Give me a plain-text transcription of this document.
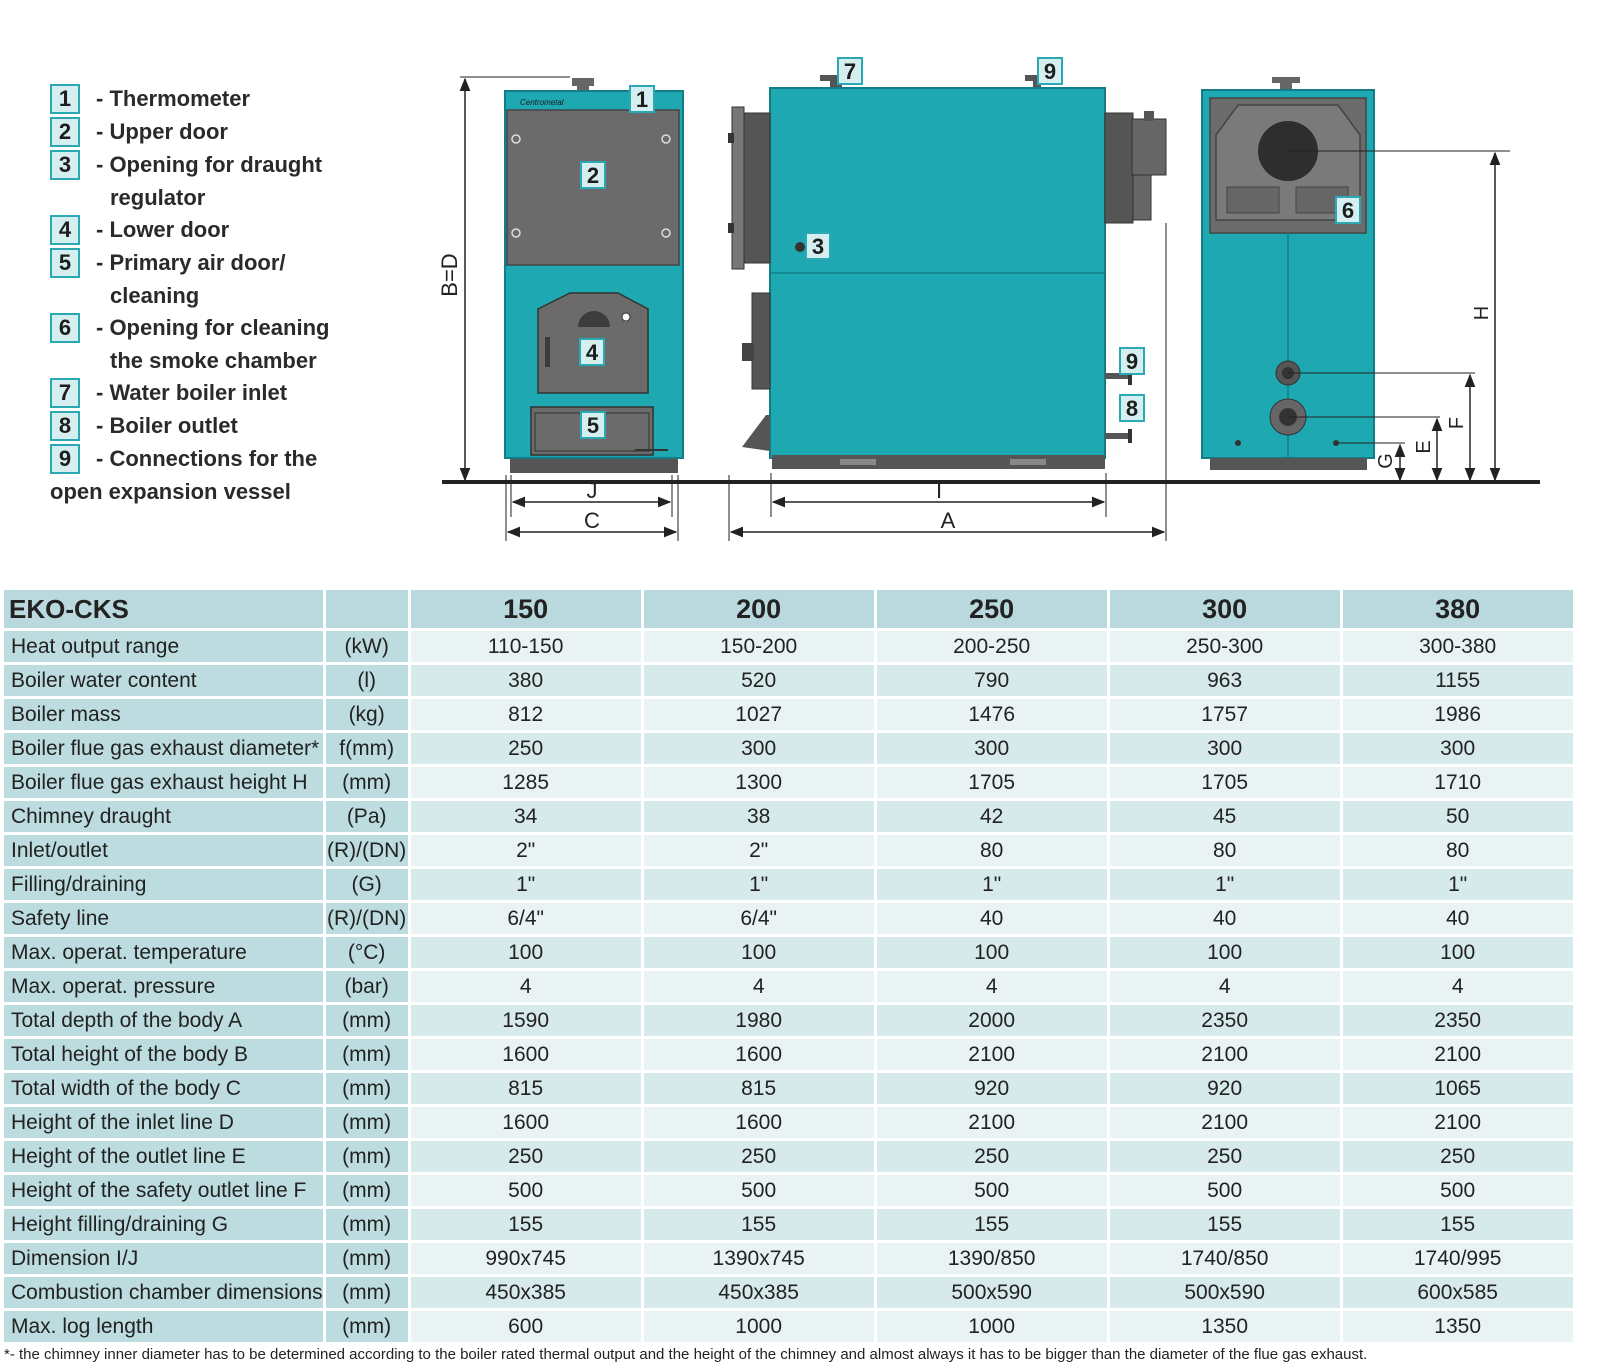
1	- Thermometer
2	- Upper door
3	- Opening for draught
regulator
4	- Lower door
5	- Primary air door/
cleaning
6	- Opening for cleaning
the smoke chamber
7	- Water boiler inlet
8	- Boiler outlet
9	- Connections for the
open expansion vessel
Centrometal
B=D
J
C
I
A
H
F
E
G
1
2
4
5
7	9
3
9
8
6
EKO-CKS		150	200	250	300	380
Heat output range	(kW)	110-150	150-200	200-250	250-300	300-380
Boiler water content	(l)	380	520	790	963	1155
Boiler mass	(kg)	812	1027	1476	1757	1986
Boiler flue gas exhaust diameter*	f(mm)	250	300	300	300	300
Boiler flue gas exhaust height H	(mm)	1285	1300	1705	1705	1710
Chimney draught	(Pa)	34	38	42	45	50
Inlet/outlet	(R)/(DN)	2"	2"	80	80	80
Filling/draining	(G)	1"	1"	1"	1"	1"
Safety line	(R)/(DN)	6/4"	6/4"	40	40	40
Max. operat. temperature	(°C)	100	100	100	100	100
Max. operat. pressure	(bar)	4	4	4	4	4
Total depth of the body A	(mm)	1590	1980	2000	2350	2350
Total height of the body B	(mm)	1600	1600	2100	2100	2100
Total width of the body C	(mm)	815	815	920	920	1065
Height of the inlet line D	(mm)	1600	1600	2100	2100	2100
Height of the outlet line E	(mm)	250	250	250	250	250
Height of the safety outlet line F	(mm)	500	500	500	500	500
Height filling/draining G	(mm)	155	155	155	155	155
Dimension I/J	(mm)	990x745	1390x745	1390/850	1740/850	1740/995
Combustion chamber dimensions	(mm)	450x385	450x385	500x590	500x590	600x585
Max. log length	(mm)	600	1000	1000	1350	1350
*- the chimney inner diameter has to be determined according to the boiler rated thermal output and the height of the chimney and almost always it has to be bigger than the diameter of the flue gas exhaust.
